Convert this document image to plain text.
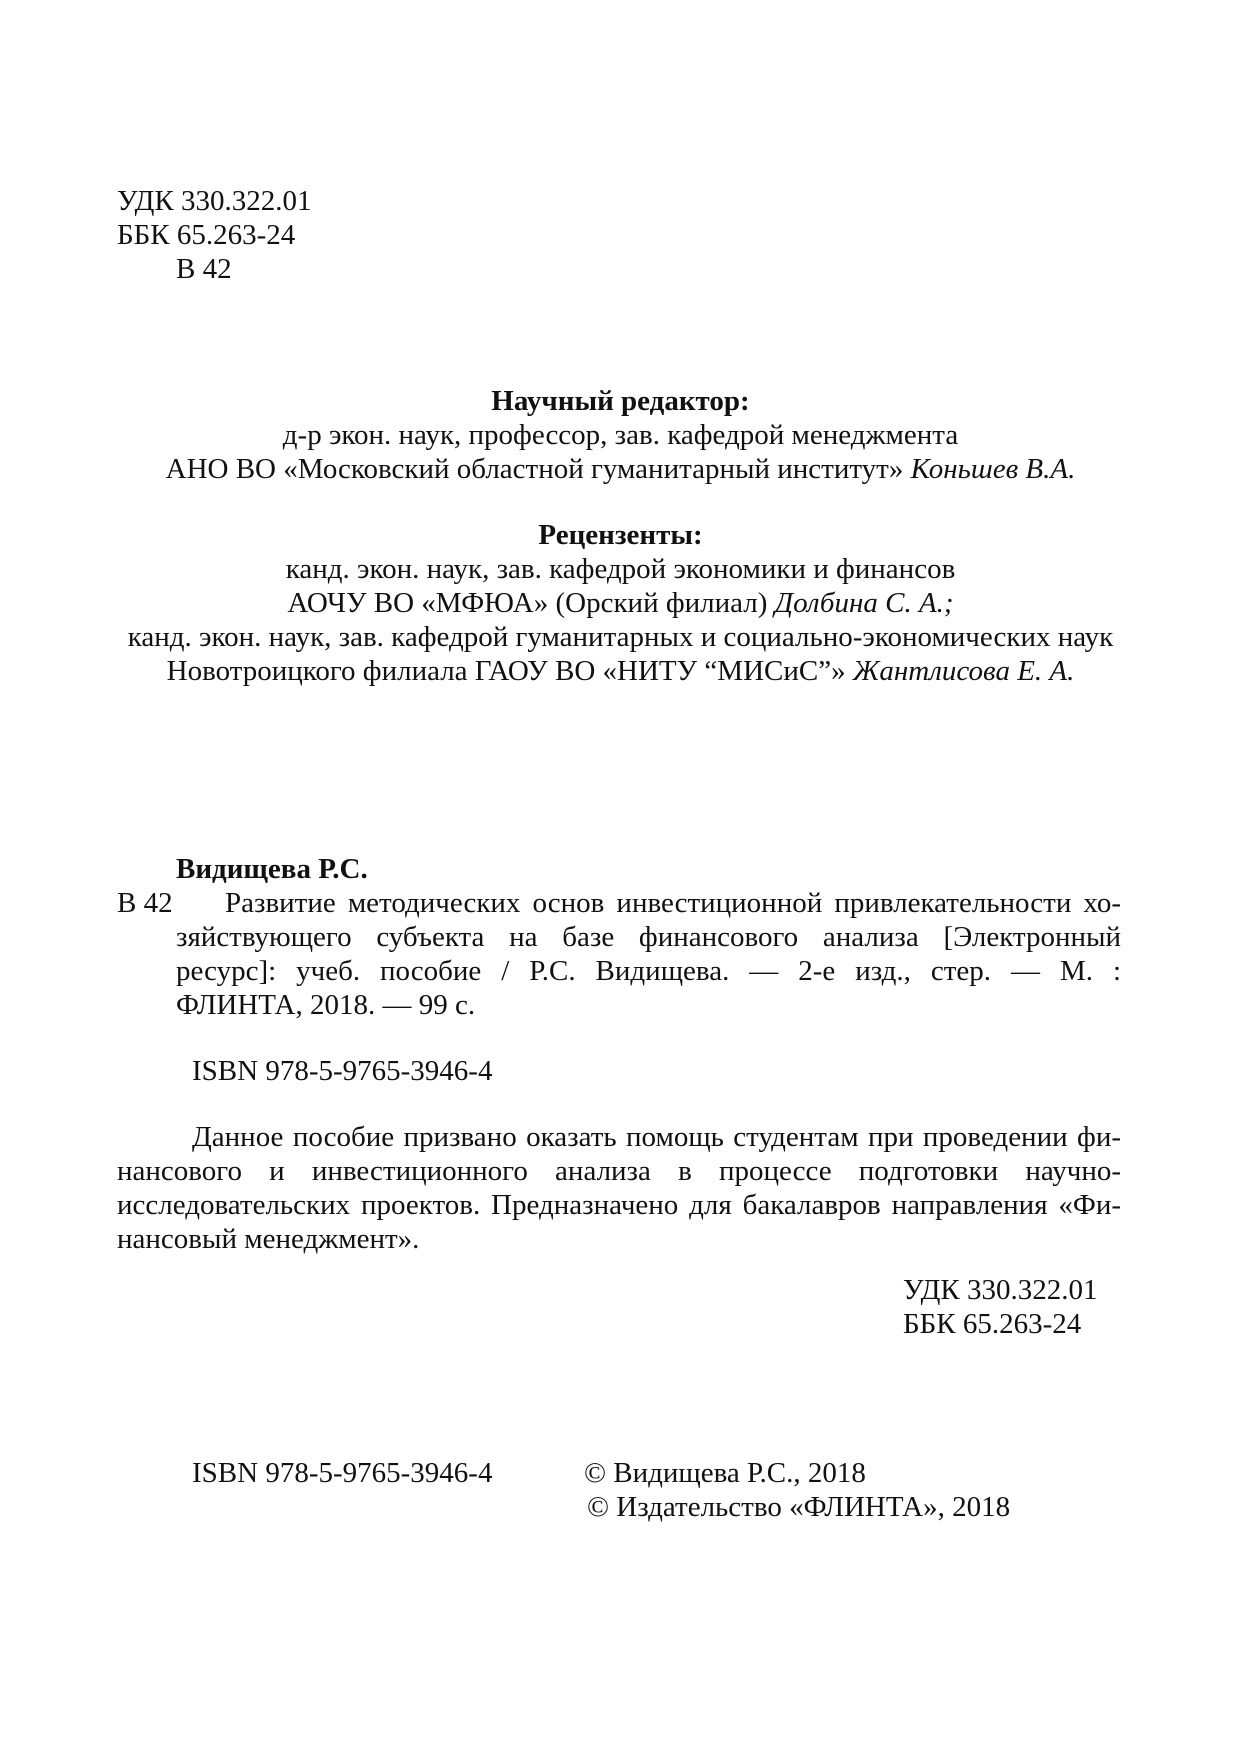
УДК 330.322.01
ББК 65.263-24
В 42
Научный редактор:
д-р экон. наук, профессор, зав. кафедрой менеджмента
АНО ВО «Московский областной гуманитарный институт» Коньшев В.А.
Рецензенты:
канд. экон. наук, зав. кафедрой экономики и финансов
АОЧУ ВО «МФЮА» (Орский филиал) Долбина С. А.;
канд. экон. наук, зав. кафедрой гуманитарных и социально-экономических наук
Новотроицкого филиала ГАОУ ВО «НИТУ “МИСиС”» Жантлисова Е. А.
Видищева Р.С.
В 42	Развитие методических основ инвестиционной привлекательности хо-
зяйствующего субъекта на базе финансового анализа [Электронный
ресурс]: учеб. пособие / Р.С. Видищева. — 2-е изд., стер. — М. :
ФЛИНТА, 2018. — 99 с.
ISBN 978-5-9765-3946-4
Данное пособие призвано оказать помощь студентам при проведении фи-
нансового и инвестиционного анализа в процессе подготовки научно-
исследовательских проектов. Предназначено для бакалавров направления «Фи-
нансовый менеджмент».
УДК 330.322.01
ББК 65.263-24
ISBN 978-5-9765-3946-4	© Видищева Р.С., 2018
© Издательство «ФЛИНТА», 2018
